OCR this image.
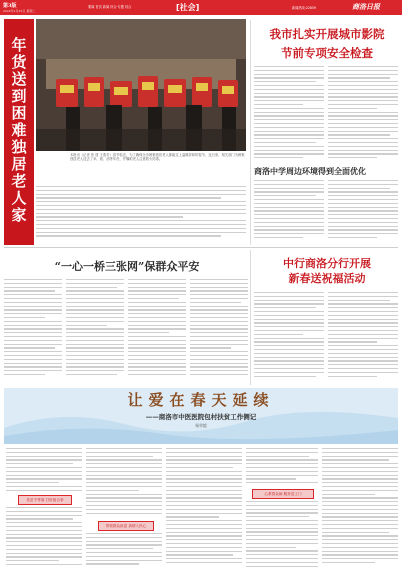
第3版
2022年1月25日 星期二
要闻 首页 新闻 综合·专题 综合	[社会]	新闻热线:22859	商洛日报
年
货
送
到
困
难
独
居
老
人
家
本报讯（记者 张 建 王燕芳）春节临近，为了确保全市困难独居老人都能过上温暖祥和的春节，连日来，相关部门为困难独居老人送去了米、面、油等年货，并嘱咐老人注意防火防寒。
我市扎实开展城市影院
节前专项安全检查
商洛中学周边环境得到全面优化
“一心一桥三张网”保群众平安	中行商洛分行开展
新春送祝福活动
让爱在春天延续
——商洛市中医医院包村扶贫工作侧记
杨荣越
扶贫不等靠 打好组合拳
带领群众致富 真情入民心
心系群众病 服务送上门
